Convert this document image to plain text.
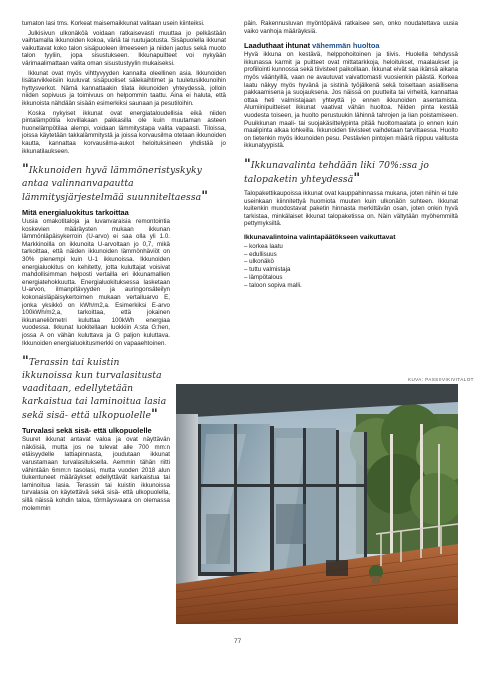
tumaton lasi tms. Korkeat maisemaikkunat valitaan usein kiinteiksi.

Julkisivun ulkonäköä voidaan ratkaisevasti muuttaa jo pelkästään vaihtamalla ikkunoiden kokoa, väriä tai ruutujaotusta. Sisäpuolella ikkunat vaikuttavat koko talon sisäpuoleen ilmeeseen ja niiden jaotus sekä muoto talon tyyliin, jopa sisustukseen. Ikkunapuitteet voi nykyään värimaalimattaan valita oman sisustustyylin mukaiseksi.

Ikkunat ovat myös vihttyvyyden kannalta oleellinen asia. Ikkunoiden lisätarvikkeisiin kuuluvat sisäpuoliset sälekaihtimet ja tuuletusikkunoihin hyttysverkot. Nämä kannattaakin tilata ikkunoiden yhteydessä, jolloin niiden sopivuus ja toimivuus on helpommin taattu. Aina ei haluta, että ikkunoista nähdään sisään esimerkiksi saunaan ja pesutiloihin.

Koska nykyiset ikkunat ovat energiataloudellisia eikä niiden pintalämpötila kovillakaan pakkasilla ole kuin muutaman asteen huonelämpötilaa alempi, voidaan lämmitystapa valita vapaasti. Tiloissa, joissa käytetään takkalämmitystä ja joissa korvausilma otetaan ikkunoiden kautta, kannattaa korvausilma-aukot heloituksineen yhdistää jo ikkunatilaukseen.

"Ikkunoiden hyvä lämmöneristyskyky antaa valinnanvapautta lämmitysjärjestelmää suunniteltaessa"
Mitä energialuokitus tarkoittaa

Uusia omakotitaloja ja luvanvaraisia remontointia koskevien määräysten mukaan ikkunan lämmönläpäisykerroin (U-arvo) ei saa olla yli 1.0. Markkinoilla on ikkunoita U-arvoltaan jo 0,7, mikä tarkoittaa, että näiden ikkunoiden lämmönhäviöt on 30% pienempi kuin U-1 ikkunoissa. Ikkunoiden energialuokitus on kehitetty, jotta kuluttajat voisivat mahdollisimman helposti vertailla eri ikkunamallien energiatehokkuutta. Energialuokituksessa lasketaan U-arvon, ilmanpitävyyden ja auringonsäteilyn kokonaisläpäisykertoimen mukaan vertailuarvo E, jonka yksikkö on kWh/m2,a. Esimerkiksi E-arvo 100kWh/m2,a, tarkoittaa, että jokainen ikkunaneliömetri kuluttaa 100kWh energiaa vuodessa. Ikkunat luokitellaan luokkiin A:sta G:hen, jossa A on vähän kuluttava ja G paljon kuluttava. Ikkunoiden energialuokitusmerkki on vapaaehtoinen.

"Terassin tai kuistin ikkunoissa kun turvalasitusta vaaditaan, edellytetään karkaistua tai laminoitua lasia sekä sisä- että ulkopuolelle"
Turvalasi sekä sisä- että ulkopuolelle

Suuret ikkunat antavat valoa ja ovat näyttävän näköisiä, mutta jos ne tulevat alle 700 mm:n etäisyydelle lattiapinnasta, joudutaan ikkunat varustamaan turvalasituksella. Aemmin tähän riitti vähintään 6mm:n tasolasi, mutta vuoden 2018 alun tiukentuneet määräykset edellyttävät karkaistua tai laminoitua lasia. Terassin tai kuistin ikkunoissa turvalasia on käytettävä sekä sisä- että ulkopuolella, sillä näissä kohdin taloa, törmäysvaara on olemassa molemmin

päin. Rakennusluvan myöntöpäivä ratkaisee sen, onko noudatettava uusia vaiko vanhoja määräyksiä.

Laaduthaat ihtunat vähemmän huoltoa

Hyvä ikkuna on kestävä, helppohoitoinen ja tiivis. Huolella tehdyssä ikkunassa karmit ja puitteet ovat mittatarkkoja, heloitukset, maalaukset ja profiilointi kunnossa sekä tiivisteet paikoillaan. Ikkunat eivät saa ikänsä aikana myös vääntyillä, vaan ne avautuvat vaivattomasti vuosienkin päästä. Korkea laatu näkyy myös hyvänä ja sistinä työjälkenä sekä toiseltaan asiallisena pakkaamisena ja suojauksena. Jos näissä on puutteita tai virheitä, kannattaa ottaa heti valmistajaan yhteyttä jo ennen ikkunoiden asentamista. Alumiinipuitteiset ikkunat vaativat vähän huoltoa. Niiden pinta kestää vuodesta toiseen, ja huolto perustuukin lähinnä tahrojen ja lian poistamiseen. Puuikkunan maali- tai suojakäsittelypinta pitää huoltomaalata jo ennen kuin maalipinta alkaa lohkeilla. Ikkunoiden tiivisteet vaihdetaan tarvittaessa. Huolto on tietenkin myös ikkunoiden pesu. Pestävien pintojen määrä riippuu valitusta ikkunatyypistä.

"Ikkunavalinta tehdään liki 70%:ssa jo talopaketin yhteydessä"

Talopakettikaupoissa ikkunat ovat kauppahinnassa mukana, joten niihin ei tule useinkaan kiinnitettyä huomiota muuten kuin ulkonäön suhteen. Ikkunat kuitenkin muodostavat paketin hinnasta merkittävän osan, joten onkin hyvä tarkistaa, minkälaiset ikkunat talopaketissa on. Näin vältytään myöhemmiltä pettymyksiltä.

Ikkunavalintoina valintapäätökseen vaikuttavat
– korkea laatu
– edullisuus
– ulkonäkö
– tuttu valmistaja
– lämpötalous
– taloon sopiva malli.
KUVA: PASSIIVIKIVITALOT
77
